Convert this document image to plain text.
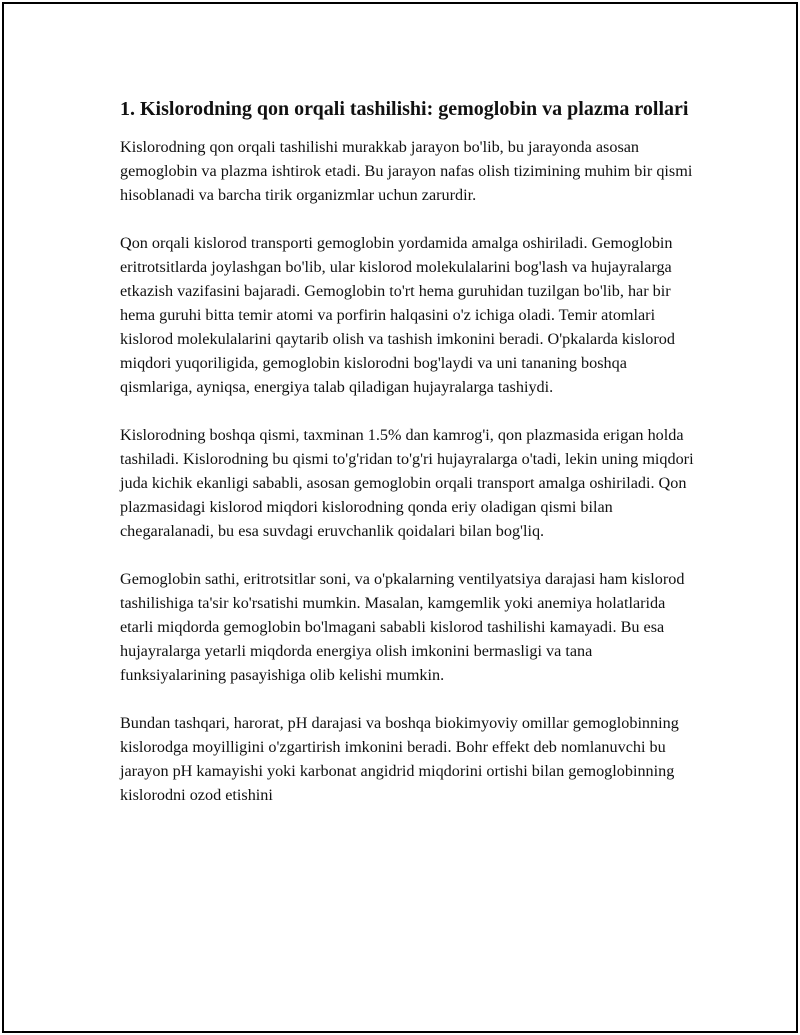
1. Kislorodning qon orqali tashilishi: gemoglobin va plazma rollari

Kislorodning qon orqali tashilishi murakkab jarayon bo'lib, bu jarayonda asosan gemoglobin va plazma ishtirok etadi. Bu jarayon nafas olish tizimining muhim bir qismi hisoblanadi va barcha tirik organizmlar uchun zarurdir.

Qon orqali kislorod transporti gemoglobin yordamida amalga oshiriladi. Gemoglobin eritrotsitlarda joylashgan bo'lib, ular kislorod molekulalarini bog'lash va hujayralarga etkazish vazifasini bajaradi. Gemoglobin to'rt hema guruhidan tuzilgan bo'lib, har bir hema guruhi bitta temir atomi va porfirin halqasini o'z ichiga oladi. Temir atomlari kislorod molekulalarini qaytarib olish va tashish imkonini beradi. O'pkalarda kislorod miqdori yuqoriligida, gemoglobin kislorodni bog'laydi va uni tananing boshqa qismlariga, ayniqsa, energiya talab qiladigan hujayralarga tashiydi.

Kislorodning boshqa qismi, taxminan 1.5% dan kamrog'i, qon plazmasida erigan holda tashiladi. Kislorodning bu qismi to'g'ridan to'g'ri hujayralarga o'tadi, lekin uning miqdori juda kichik ekanligi sababli, asosan gemoglobin orqali transport amalga oshiriladi. Qon plazmasidagi kislorod miqdori kislorodning qonda eriy oladigan qismi bilan chegaralanadi, bu esa suvdagi eruvchanlik qoidalari bilan bog'liq.

Gemoglobin sathi, eritrotsitlar soni, va o'pkalarning ventilyatsiya darajasi ham kislorod tashilishiga ta'sir ko'rsatishi mumkin. Masalan, kamgemlik yoki anemiya holatlarida etarli miqdorda gemoglobin bo'lmagani sababli kislorod tashilishi kamayadi. Bu esa hujayralarga yetarli miqdorda energiya olish imkonini bermasligi va tana funksiyalarining pasayishiga olib kelishi mumkin.

Bundan tashqari, harorat, pH darajasi va boshqa biokimyoviy omillar gemoglobinning kislorodga moyilligini o'zgartirish imkonini beradi. Bohr effekt deb nomlanuvchi bu jarayon pH kamayishi yoki karbonat angidrid miqdorini ortishi bilan gemoglobinning kislorodni ozod etishini
